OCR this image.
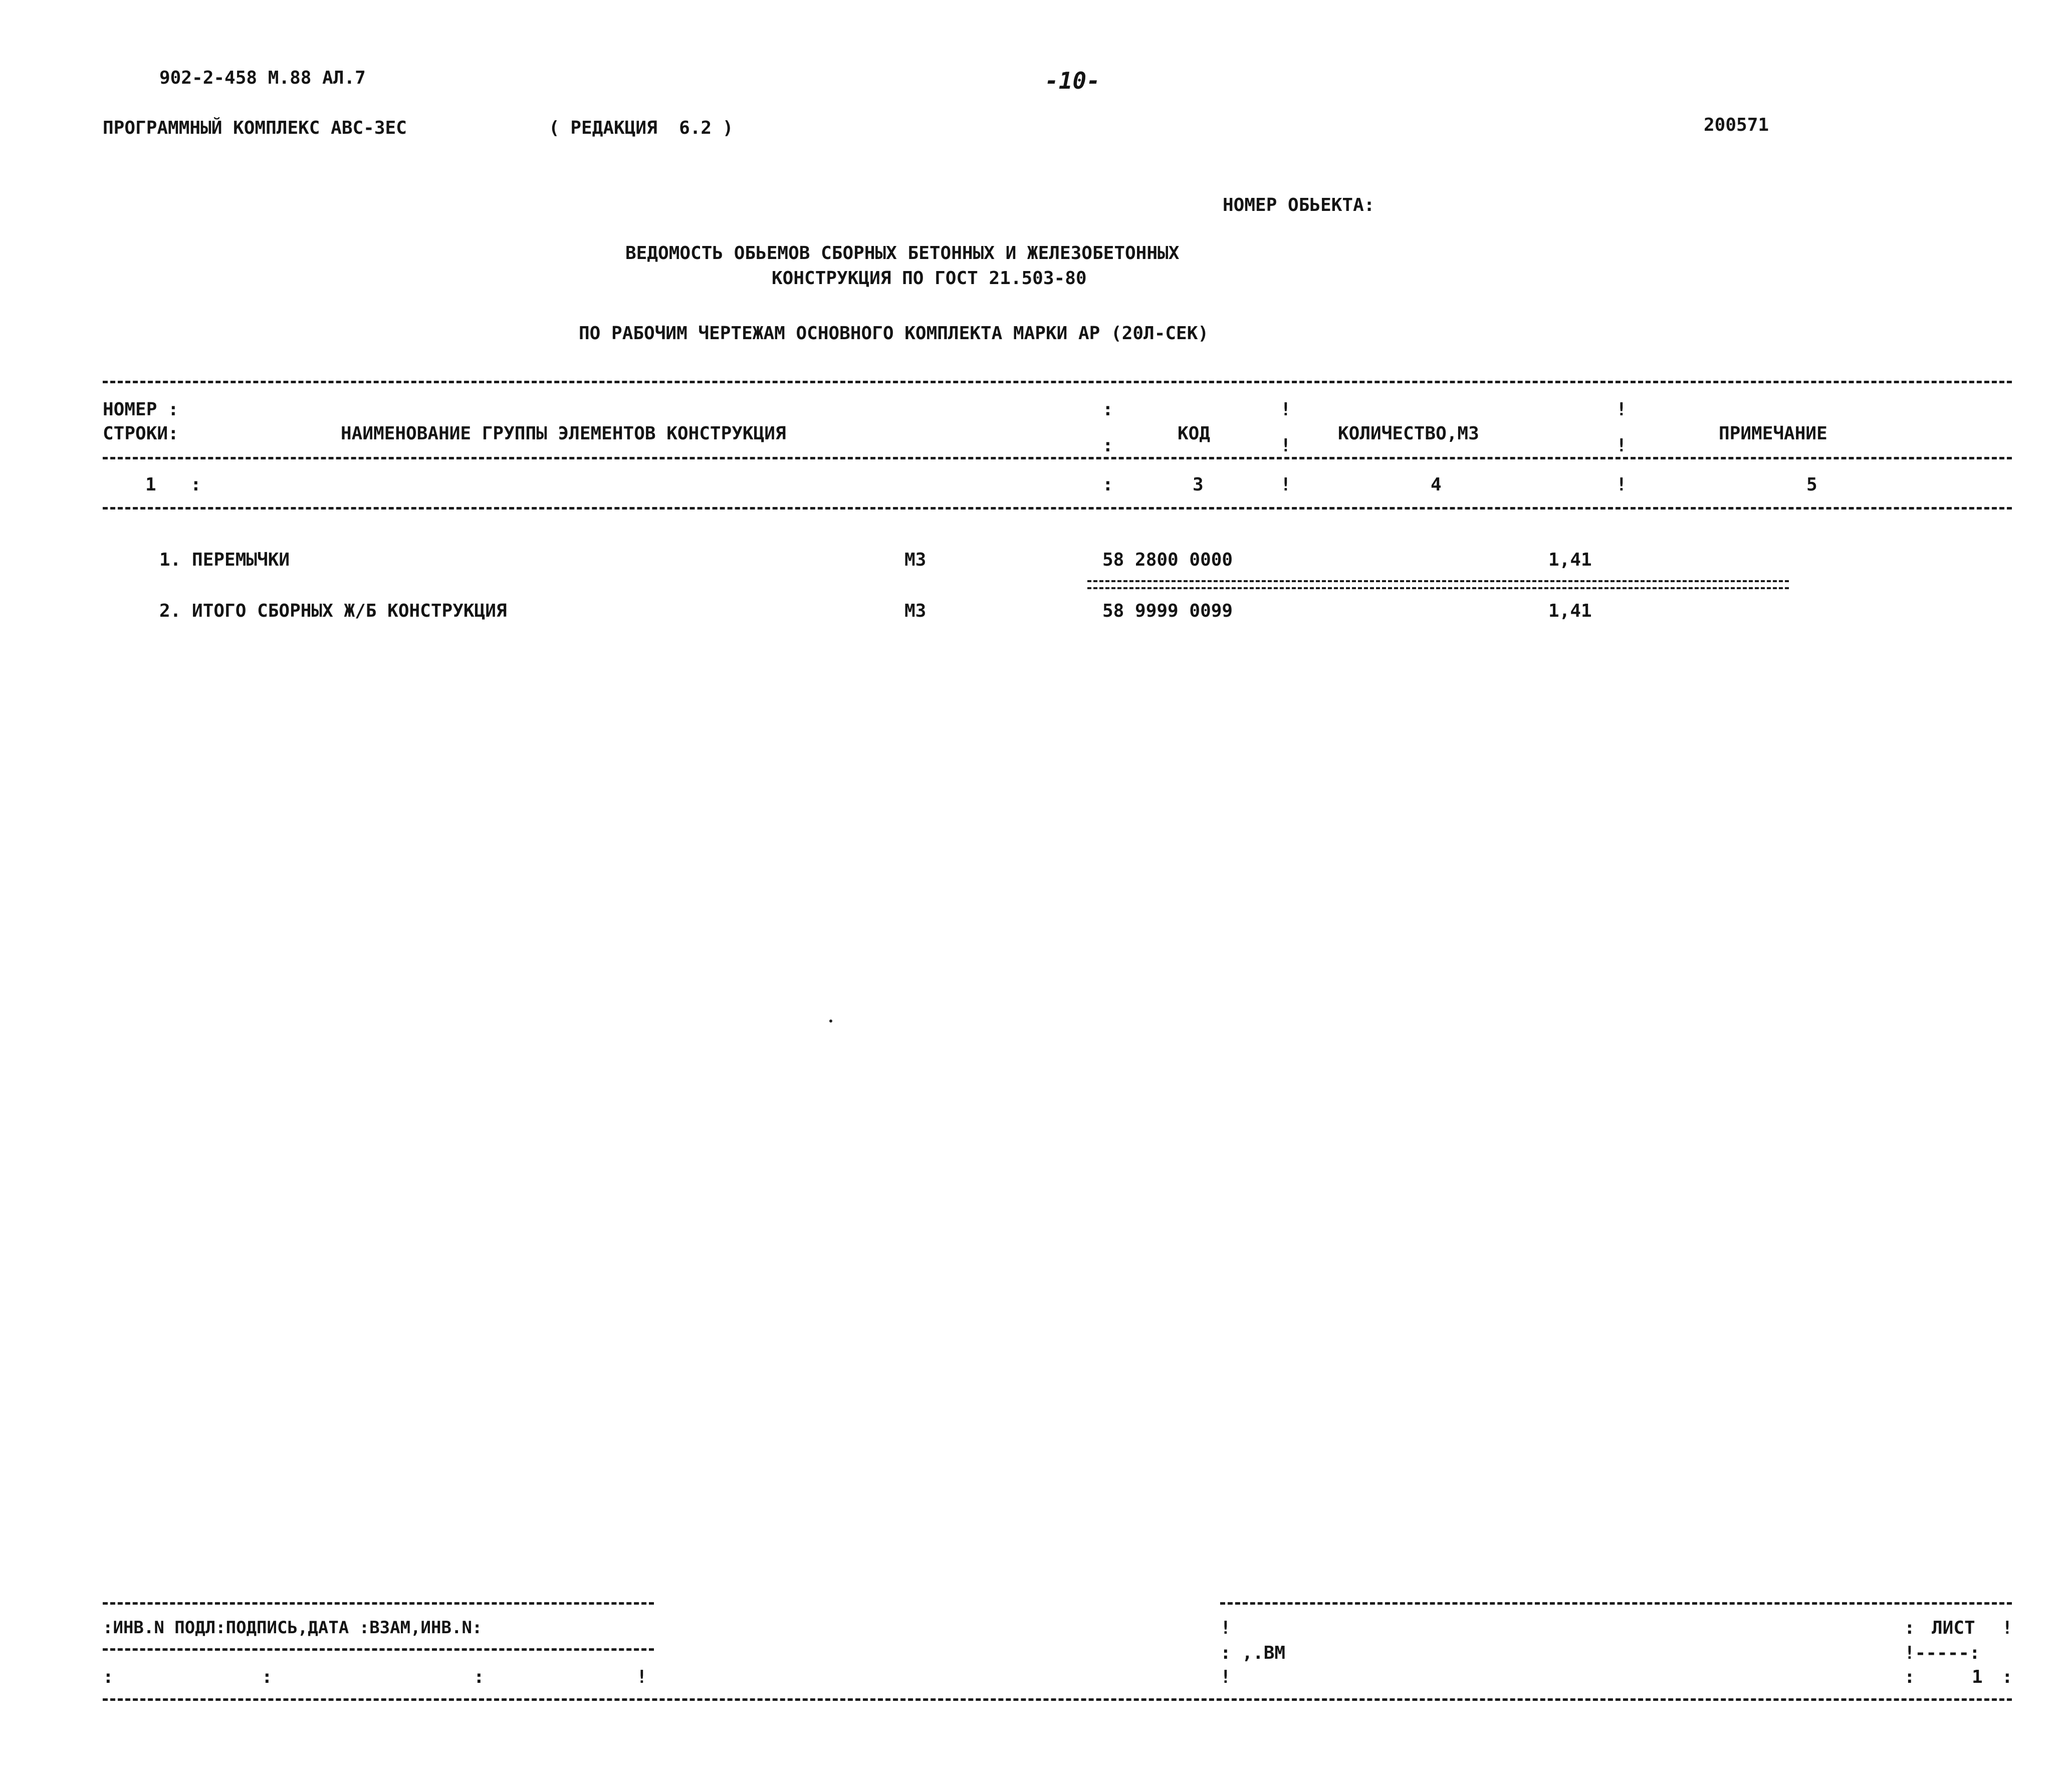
902-2-458 М.88 АЛ.7	-10-
ПРОГРАММНЫЙ КОМПЛЕКС АВС-3ЕС	( РЕДАКЦИЯ  6.2 )	200571
НОМЕР ОБЬЕКТА:
ВЕДОМОСТЬ ОБЬЕМОВ СБОРНЫХ БЕТОННЫХ И ЖЕЛЕЗОБЕТОННЫХ
КОНСТРУКЦИЯ ПО ГОСТ 21.503-80
ПО РАБОЧИМ ЧЕРТЕЖАМ ОСНОВНОГО КОМПЛЕКТА МАРКИ АР (20Л-СЕК)
НОМЕР :
СТРОКИ:	НАИМЕНОВАНИЕ ГРУППЫ ЭЛЕМЕНТОВ КОНСТРУКЦИЯ	КОД	КОЛИЧЕСТВО,М3	ПРИМЕЧАНИЕ
:

:
!

!
!

!
1 :	:	3	!	4	!	5
1. ПЕРЕМЫЧКИ	М3	58 2800 0000	1,41
2. ИТОГО СБОРНЫХ Ж/Б КОНСТРУКЦИЯ	М3	58 9999 0099	1,41
:ИНВ.N ПОДЛ:ПОДПИСЬ,ДАТА :ВЗАМ,ИНВ.N:
:	:	:	!
!
: ,.ВМ
!
: ЛИСТ !
!-----:
:	1 :
